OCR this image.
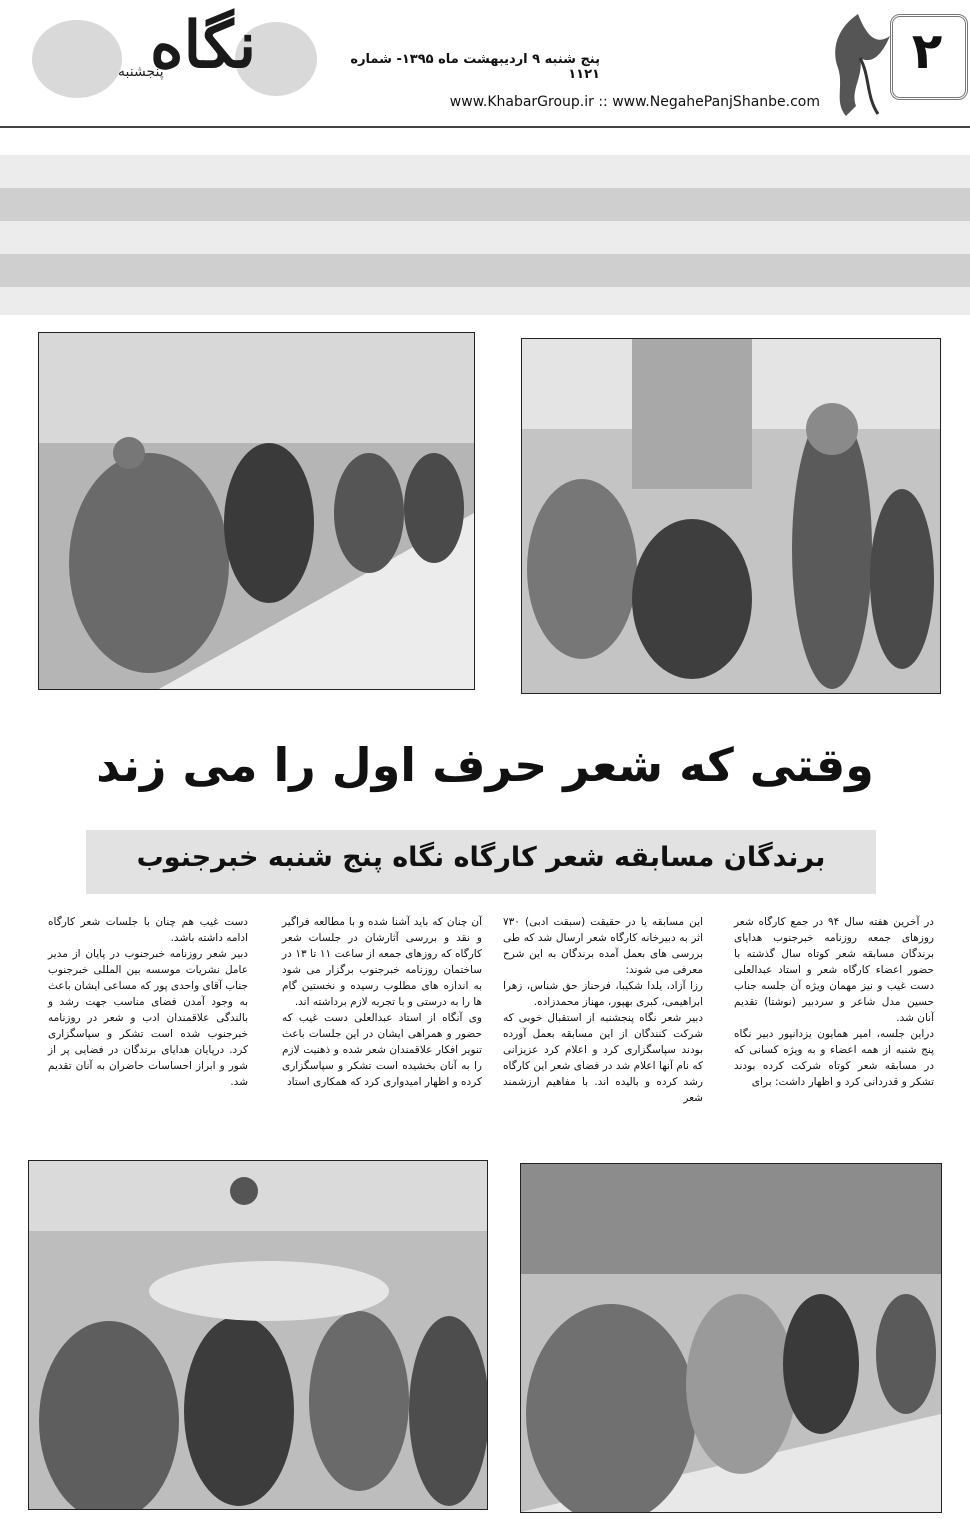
نگاه
پنجشنبه
پنج شنبه ۹ اردیبهشت ماه ۱۳۹۵- شماره ۱۱۲۱
www.KhabarGroup.ir :: www.NegahePanjShanbe.com
۲
وقتی که شعر حرف اول را می زند
برندگان مسابقه شعر کارگاه نگاه پنج شنبه خبرجنوب

در آخرین هفته سال ۹۴ در جمع کارگاه شعر روزهای جمعه روزنامه خبرجنوب هدایای برندگان مسابقه شعر کوتاه سال گذشته با حضور اعضاء کارگاه شعر و استاد عبدالعلی دست غیب و نیز مهمان ویژه آن جلسه جناب حسین مدل شاعر و سردبیر (نوشتا) تقدیم آنان شد.

دراین جلسه، امیر همایون یزدانپور دبیر نگاه پنج شنبه از همه اعضاء و به ویژه کسانی که در مسابقه شعر کوتاه شرکت کرده بودند تشکر و قدردانی کرد و اظهار داشت: برای

این مسابقه یا در حقیقت (سبقت ادبی) ۷۳۰ اثر به دبیرخانه کارگاه شعر ارسال شد که طی بررسی های بعمل آمده برندگان به این شرح معرفی می شوند:

رزا آزاد، یلدا شکیبا، فرحناز حق شناس، زهرا ابراهیمی، کبری بهپور، مهناز محمدزاده.

دبیر شعر نگاه پنجشنبه از استقبال خوبی که شرکت کنندگان از این مسابقه بعمل آورده بودند سپاسگزاری کرد و اعلام کرد عزیزانی که نام آنها اعلام شد در فضای شعر این کارگاه رشد کرده و بالیده اند. با مفاهیم ارزشمند شعر

آن چنان که باید آشنا شده و با مطالعه فراگیر و نقد و بررسی آثارشان در جلسات شعر کارگاه که روزهای جمعه از ساعت ۱۱ تا ۱۳ در ساختمان روزنامه خبرجنوب برگزار می شود به اندازه های مطلوب رسیده و نخستین گام ها را به درستی و با تجربه لازم برداشته اند.

وی آنگاه از استاد عبدالعلی دست غیب که حضور و همراهی ایشان در این جلسات باعث تنویر افکار علاقمندان شعر شده و ذهنیت لازم را به آنان بخشیده است تشکر و سپاسگزاری کرده و اظهار امیدواری کرد که همکاری استاد

دست غیب هم چنان با جلسات شعر کارگاه ادامه داشته باشد.

دبیر شعر روزنامه خبرجنوب در پایان از مدیر عامل نشریات موسسه بین المللی خبرجنوب جناب آقای واحدی پور که مساعی ایشان باعث به وجود آمدن فضای مناسب جهت رشد و بالندگی علاقمندان ادب و شعر در روزنامه خبرجنوب شده است تشکر و سپاسگزاری کرد. درپایان هدایای برندگان در فضایی پر از شور و ابراز احساسات حاضران به آنان تقدیم شد.
